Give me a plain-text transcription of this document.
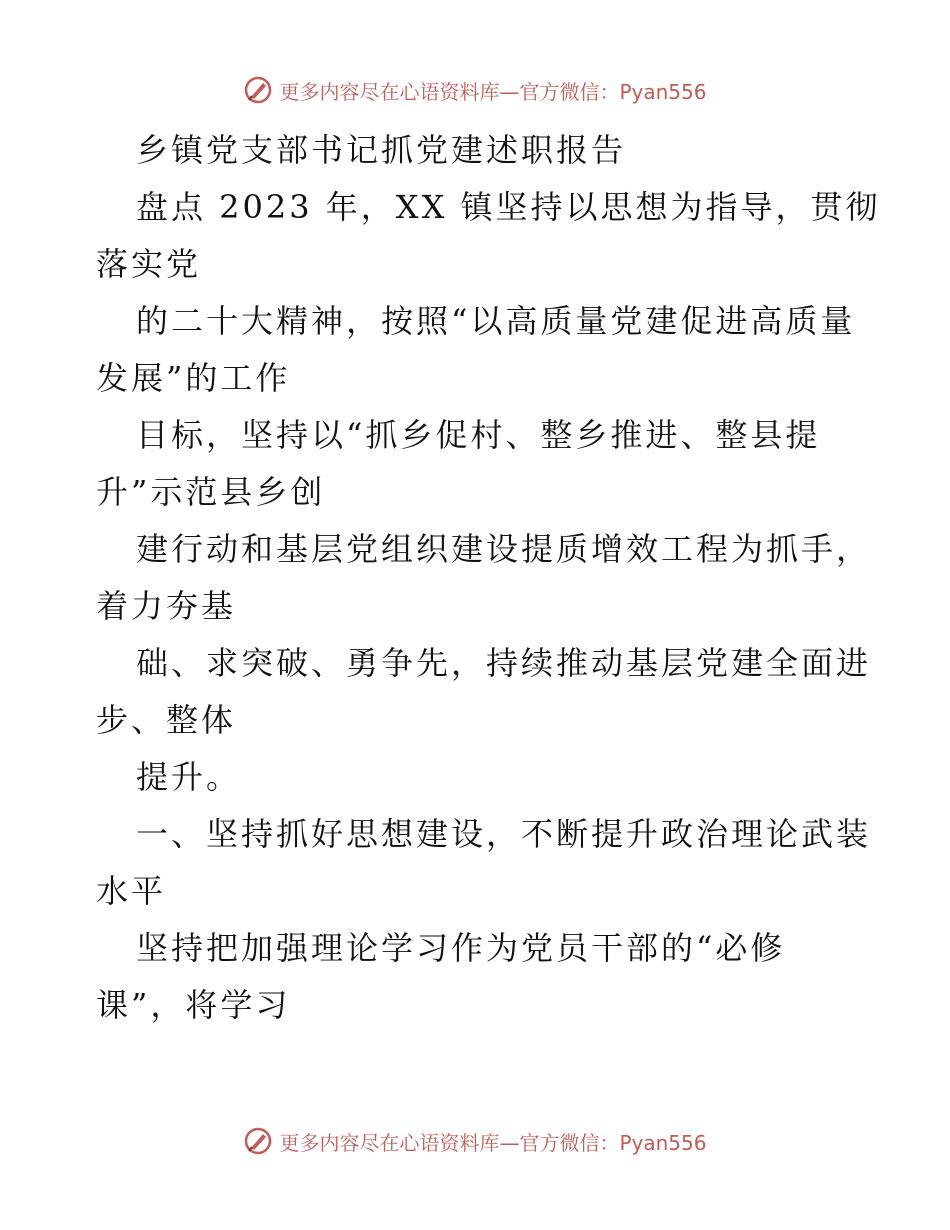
更多内容尽在心语资料库—官方微信：Pyan556
乡镇党支部书记抓党建述职报告
盘点 2023 年，XX 镇坚持以思想为指导，贯彻
落实党
的二十大精神，按照“以高质量党建促进高质量
发展”的工作
目标，坚持以“抓乡促村、整乡推进、整县提
升”示范县乡创
建行动和基层党组织建设提质增效工程为抓手，
着力夯基
础、求突破、勇争先，持续推动基层党建全面进
步、整体
提升。
一、坚持抓好思想建设，不断提升政治理论武装
水平
坚持把加强理论学习作为党员干部的“必修
课”，将学习
更多内容尽在心语资料库—官方微信：Pyan556
